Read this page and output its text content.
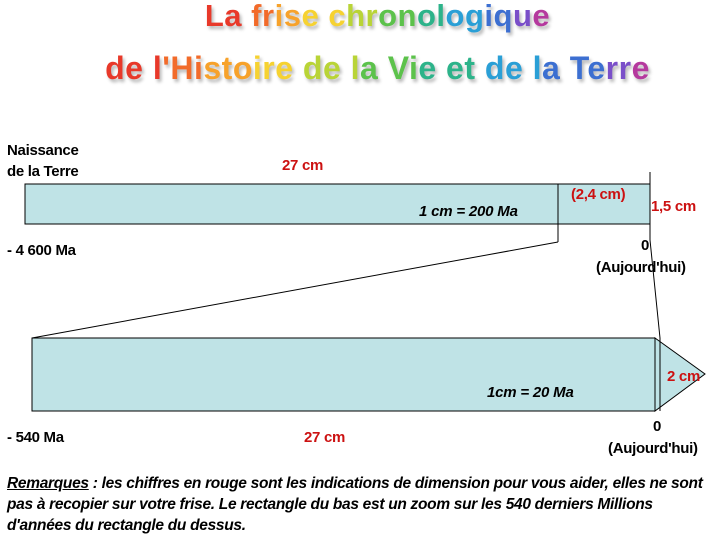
La frise chronologique
de l'Histoire de la Vie et de la Terre
Naissance
de la Terre	27 cm
1 cm = 200 Ma
(2,4 cm)
1,5 cm
- 4 600 Ma	0
(Aujourd'hui)
1cm = 20 Ma
2 cm
- 540 Ma	27 cm
0
(Aujourd'hui)
Remarques : les chiffres en rouge sont les indications de dimension pour vous aider, elles ne sont pas à recopier sur votre frise. Le rectangle du bas est un zoom sur les 540 derniers Millions d'années du rectangle du dessus.
